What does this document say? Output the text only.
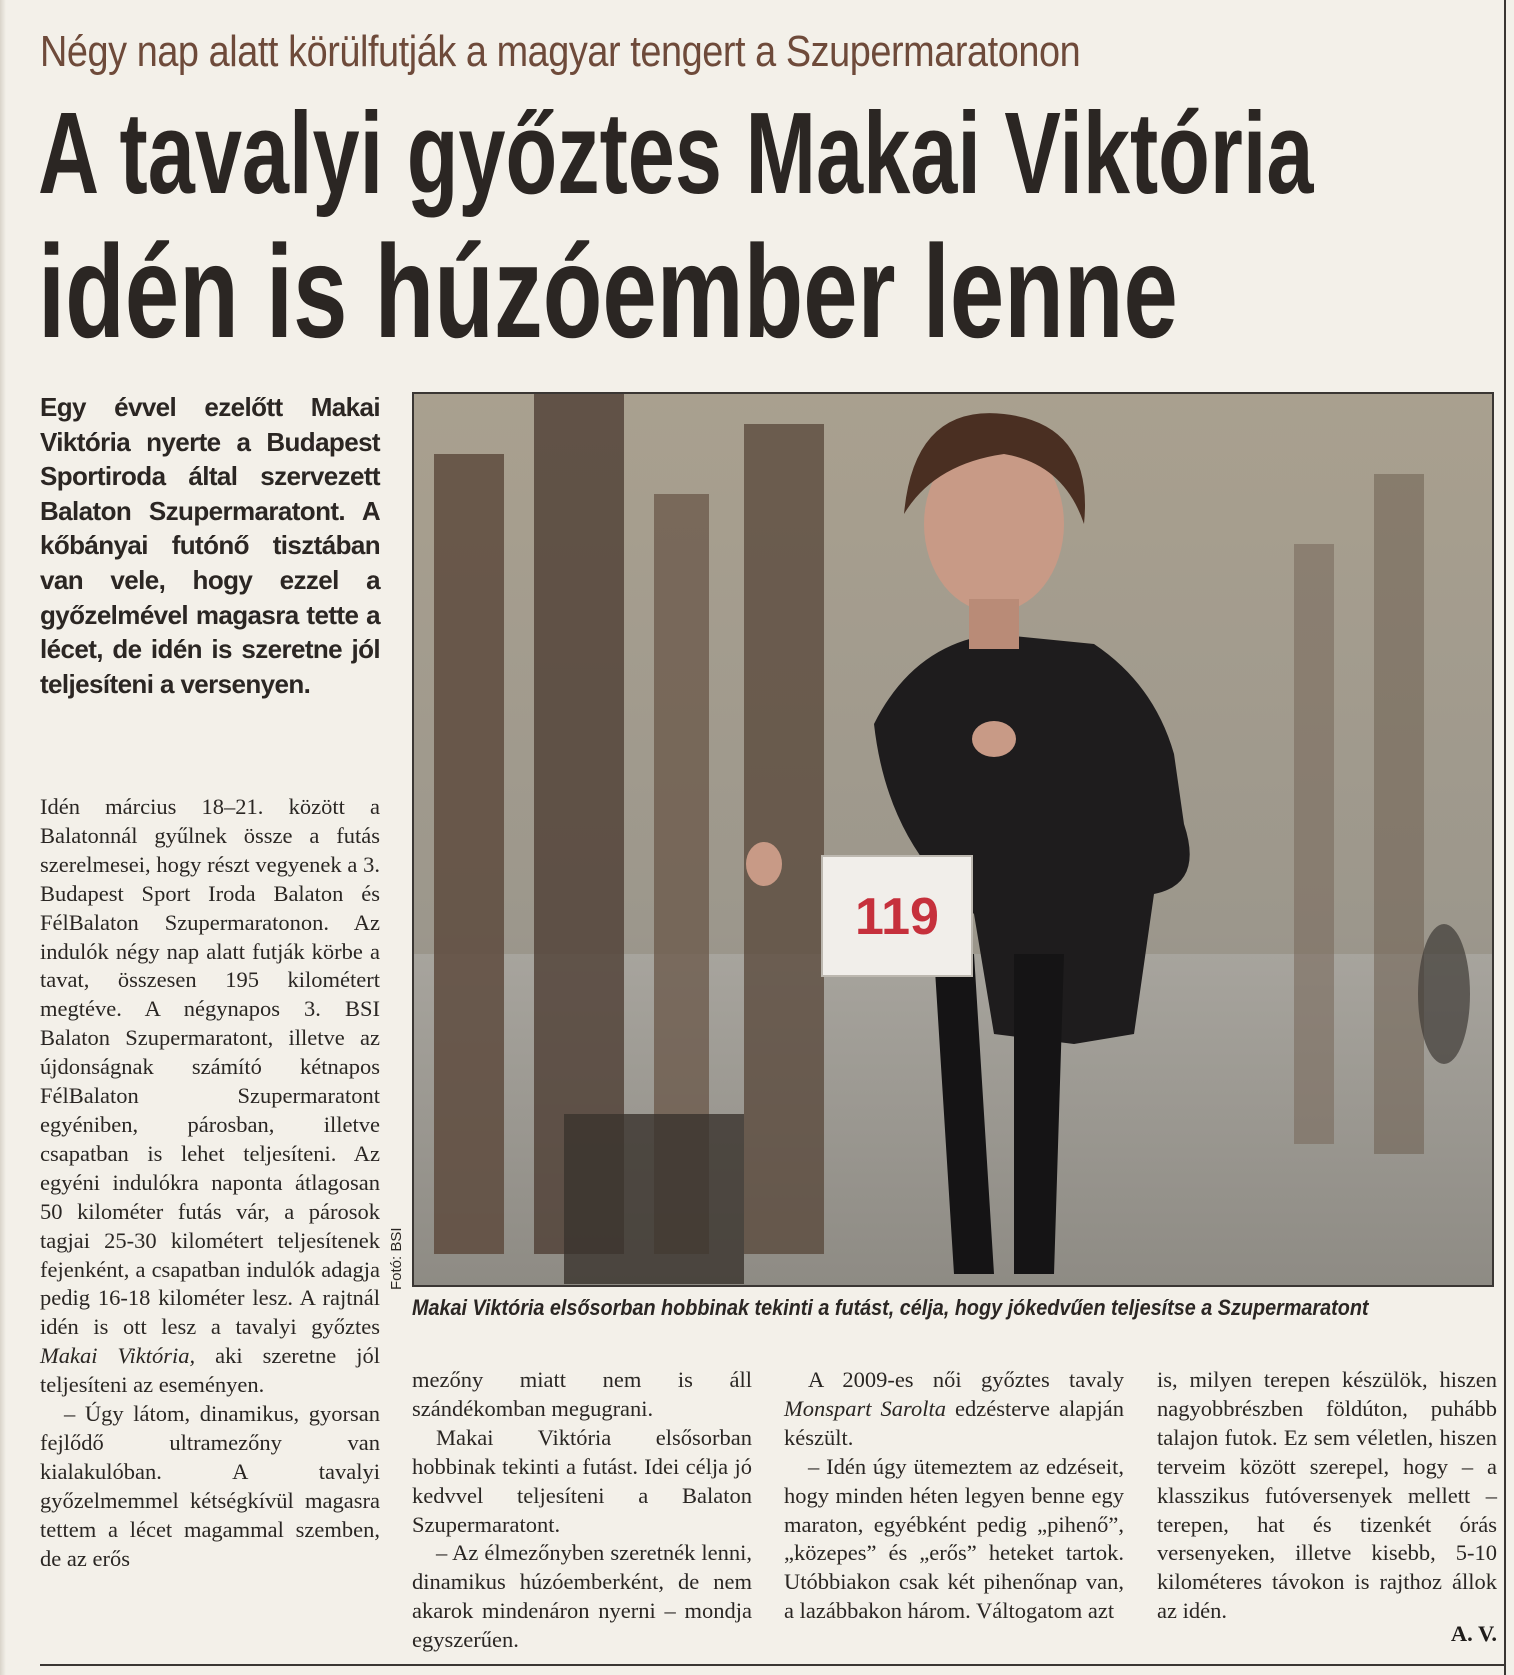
Négy nap alatt körülfutják a magyar tengert a Szupermaratonon
A tavalyi győztes Makai Viktória
idén is húzóember lenne
Egy évvel ezelőtt Makai Viktória nyerte a Budapest Sportiroda által szervezett Balaton Szupermaratont. A kőbányai futónő tisztában van vele, hogy ezzel a győzelmével magasra tette a lécet, de idén is szeretne jól teljesíteni a versenyen.

Idén március 18–21. között a Balatonnál gyűlnek össze a futás szerelmesei, hogy részt vegyenek a 3. Budapest Sport Iroda Balaton és FélBalaton Szupermaratonon. Az indulók négy nap alatt futják körbe a tavat, összesen 195 kilométert megtéve. A négynapos 3. BSI Balaton Szupermaratont, illetve az újdonságnak számító kétnapos FélBalaton Szupermaratont egyéniben, párosban, illetve csapatban is lehet teljesíteni. Az egyéni indulókra naponta átlagosan 50 kilométer futás vár, a párosok tagjai 25-30 kilométert teljesítenek fejenként, a csapatban indulók adagja pedig 16-18 kilométer lesz. A rajtnál idén is ott lesz a tavalyi győztes Makai Viktória, aki szeretne jól teljesíteni az eseményen.

– Úgy látom, dinamikus, gyorsan fejlődő ultramezőny van kialakulóban. A tavalyi győzelmemmel kétségkívül magasra tettem a lécet magammal szemben, de az erős

119
Fotó: BSI
Makai Viktória elsősorban hobbinak tekinti a futást, célja, hogy jókedvűen teljesítse a Szupermaratont

mezőny miatt nem is áll szándékomban megugrani.

Makai Viktória elsősorban hobbinak tekinti a futást. Idei célja jó kedvvel teljesíteni a Balaton Szupermaratont.

– Az élmezőnyben szeretnék lenni, dinamikus húzóemberként, de nem akarok mindenáron nyerni – mondja egyszerűen.

A 2009-es női győztes tavaly Monspart Sarolta edzésterve alapján készült.

– Idén úgy ütemeztem az edzéseit, hogy minden héten legyen benne egy maraton, egyébként pedig „pihenő”, „közepes” és „erős” heteket tartok. Utóbbiakon csak két pihenőnap van, a lazábbakon három. Váltogatom azt

is, milyen terepen készülök, hiszen nagyobbrészben földúton, puhább talajon futok. Ez sem véletlen, hiszen terveim között szerepel, hogy – a klasszikus futóversenyek mellett – terepen, hat és tizenkét órás versenyeken, illetve kisebb, 5-10 kilométeres távokon is rajthoz állok az idén.

A. V.
